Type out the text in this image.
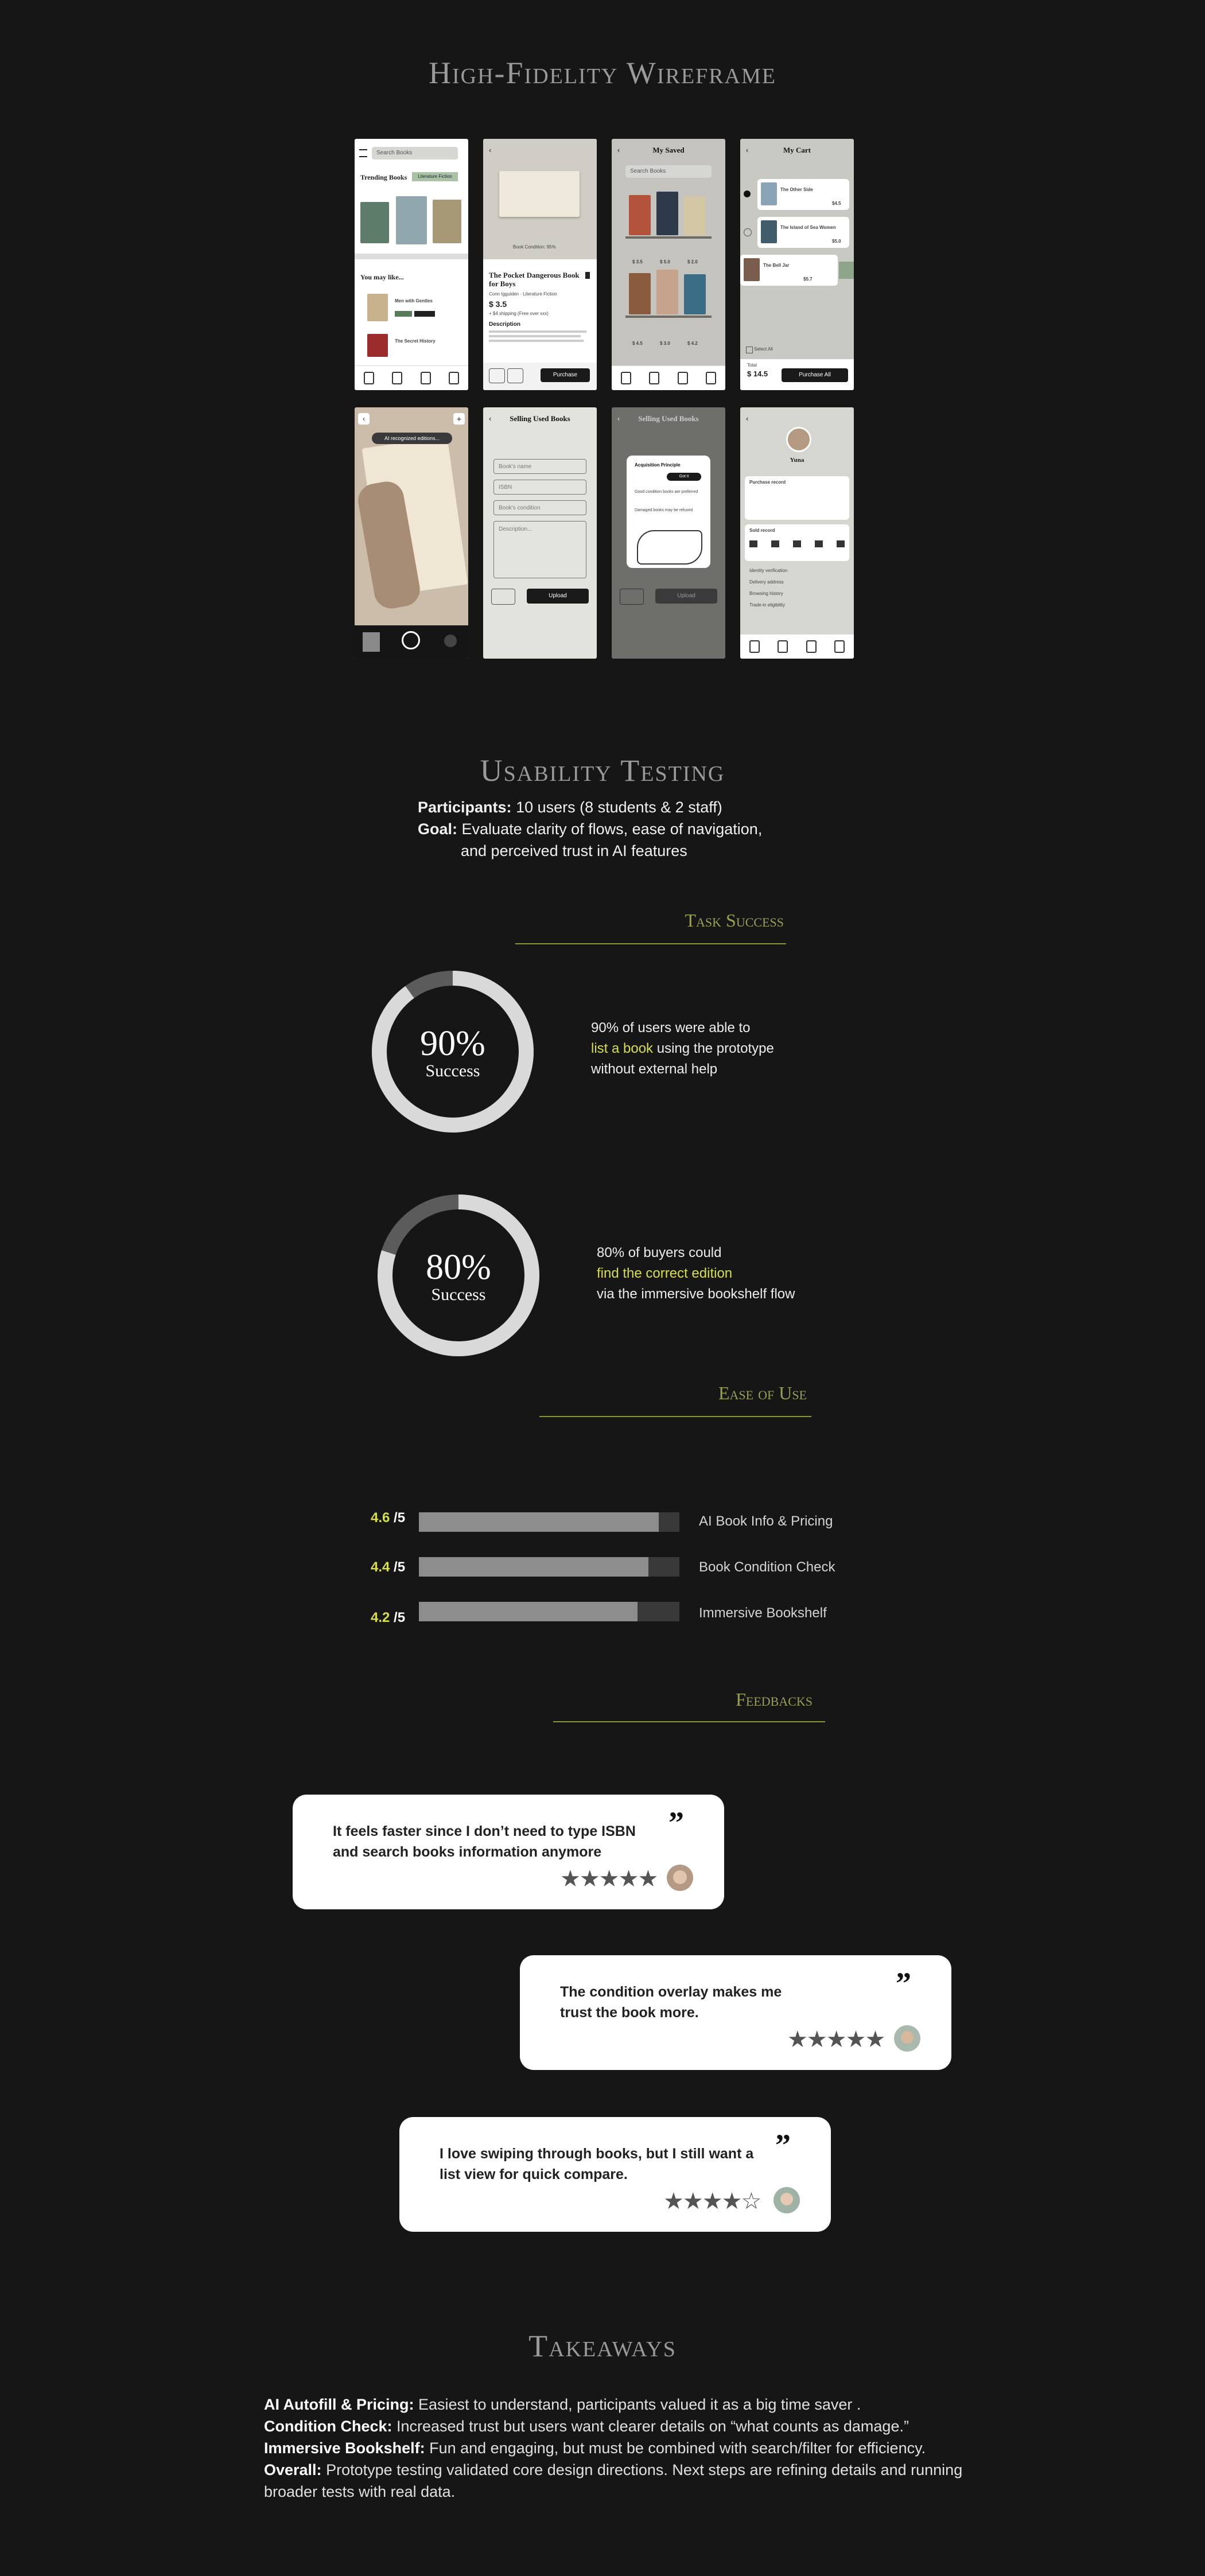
High-Fidelity Wireframe
Search Books
Trending Books	Literature Fiction
You may like...
Men with Gentles
The Secret History
‹
Book Condition: 95%
The Pocket Dangerous Book for Boys
Conn Iggulden · Literature Fiction
$ 3.5
+ $4 shipping (Free over xxx)
Description
Purchase
‹	My Saved
Search Books
$ 3.5	$ 5.0	$ 2.0
$ 4.5	$ 3.0	$ 4.2
‹	My Cart
The Other Side
$4.5
The Island of Sea Women
$5.0
The Bell Jar
$5.7
Select All
Total
$ 14.5	Purchase All
‹	+
AI recognized editions...
‹	Selling Used Books
Book's name
ISBN
Book's condition
Description...
Upload
‹	Selling Used Books
Acquisition Principle
Got it
Good condition books are preferred
Damaged books may be refused
Upload
‹
Yuna
Purchase record
Sold record
Identity verification
Delivery address
Browsing history
Trade-in eligibility
Usability Testing
Participants: 10 users (8 students & 2 staff)
Goal: Evaluate clarity of flows, ease of navigation,
and perceived trust in AI features
Task Success
90%
Success
90% of users were able to
list a book using the prototype
without external help
80%
Success
80% of buyers could
find the correct edition
via the immersive bookshelf flow
Ease of Use
4.6 /5	AI Book Info & Pricing
4.4 /5	Book Condition Check
4.2 /5	Immersive Bookshelf
Feedbacks
It feels faster since I don’t need to type ISBN and search books information anymore
”
★★★★★
The condition overlay makes me trust the book more.
”
★★★★★
I love swiping through books, but I still want a list view for quick compare.
”
★★★★☆
Takeaways
AI Autofill & Pricing: Easiest to understand, participants valued it as a big time saver .
Condition Check: Increased trust but users want clearer details on “what counts as damage.”
Immersive Bookshelf: Fun and engaging, but must be combined with search/filter for efficiency.
Overall: Prototype testing validated core design directions. Next steps are refining details and running broader tests with real data.
